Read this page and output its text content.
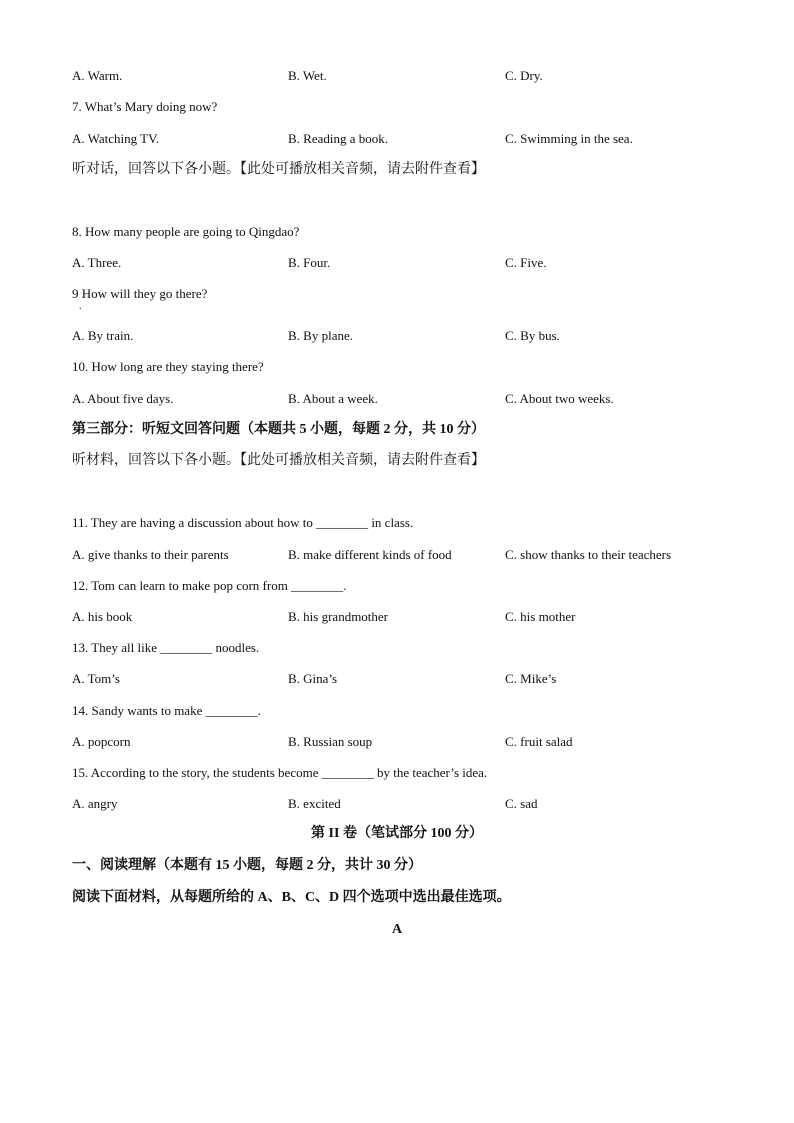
A. Warm.	B. Wet.	C. Dry.
7. What’s Mary doing now?
A. Watching TV.	B. Reading a book.	C. Swimming in the sea.
听对话，回答以下各小题。【此处可播放相关音频，请去附件查看】
8. How many people are going to Qingdao?
A. Three.	B. Four.	C. Five.
9 How will they go there?
.
A. By train.	B. By plane.	C. By bus.
10. How long are they staying there?
A. About five days.	B. About a week.	C. About two weeks.
第三部分：听短文回答问题（本题共 5 小题，每题 2 分，共 10 分）
听材料，回答以下各小题。【此处可播放相关音频，请去附件查看】
11. They are having a discussion about how to ________ in class.
A. give thanks to their parents	B. make different kinds of food	C. show thanks to their teachers
12. Tom can learn to make pop corn from ________.
A. his book	B. his grandmother	C. his mother
13. They all like ________ noodles.
A. Tom’s	B. Gina’s	C. Mike’s
14. Sandy wants to make ________.
A. popcorn	B. Russian soup	C. fruit salad
15. According to the story, the students become ________ by the teacher’s idea.
A. angry	B. excited	C. sad
第 II 卷（笔试部分 100 分）
一、阅读理解（本题有 15 小题，每题 2 分，共计 30 分）
阅读下面材料，从每题所给的 A、B、C、D 四个选项中选出最佳选项。
A
